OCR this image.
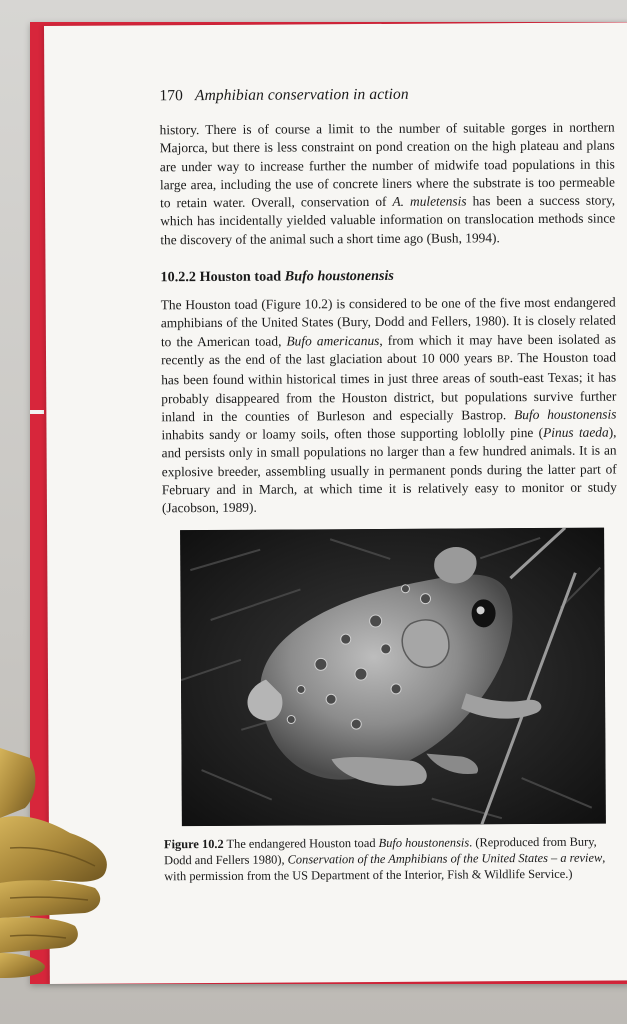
170 Amphibian conservation in action

history. There is of course a limit to the number of suitable gorges in northern Majorca, but there is less constraint on pond creation on the high plateau and plans are under way to increase further the number of midwife toad populations in this large area, including the use of concrete liners where the substrate is too permeable to retain water. Overall, conservation of A. muletensis has been a success story, which has incidentally yielded valuable information on translocation methods since the discovery of the animal such a short time ago (Bush, 1994).

10.2.2 Houston toad Bufo houstonensis

The Houston toad (Figure 10.2) is considered to be one of the five most endangered amphibians of the United States (Bury, Dodd and Fellers, 1980). It is closely related to the American toad, Bufo americanus, from which it may have been isolated as recently as the end of the last glaciation about 10 000 years BP. The Houston toad has been found within historical times in just three areas of south-east Texas; it has probably disappeared from the Houston district, but populations survive further inland in the counties of Burleson and especially Bastrop. Bufo houstonensis inhabits sandy or loamy soils, often those supporting loblolly pine (Pinus taeda), and persists only in small populations no larger than a few hundred animals. It is an explosive breeder, assembling usually in permanent ponds during the latter part of February and in March, at which time it is relatively easy to monitor or study (Jacobson, 1989).

Figure 10.2 The endangered Houston toad Bufo houstonensis. (Reproduced from Bury, Dodd and Fellers 1980), Conservation of the Amphibians of the United States – a review, with permission from the US Department of the Interior, Fish & Wildlife Service.)
